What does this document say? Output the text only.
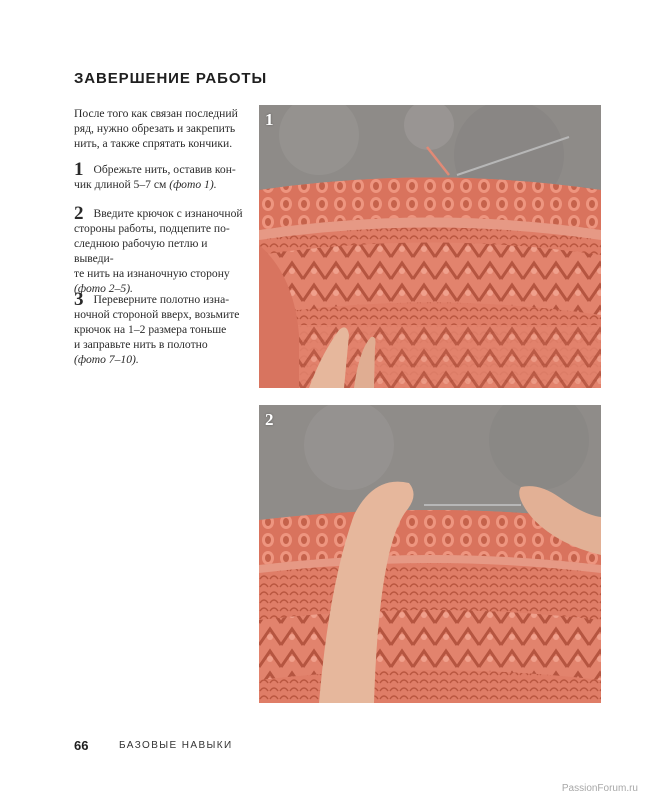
ЗАВЕРШЕНИЕ РАБОТЫ
После того как связан последний
ряд, нужно обрезать и закрепить
нить, а также спрятать кончики.
1 Обрежьте нить, оставив кон-
чик длиной 5–7 см (фото 1).
2 Введите крючок с изнаночной
стороны работы, подцепите по-
следнюю рабочую петлю и выведи-
те нить на изнаночную сторону
(фото 2–5).
3 Переверните полотно изна-
ночной стороной вверх, возьмите
крючок на 1–2 размера тоньше
и заправьте нить в полотно
(фото 7–10).
1
2
66	БАЗОВЫЕ НАВЫКИ
PassionForum.ru
